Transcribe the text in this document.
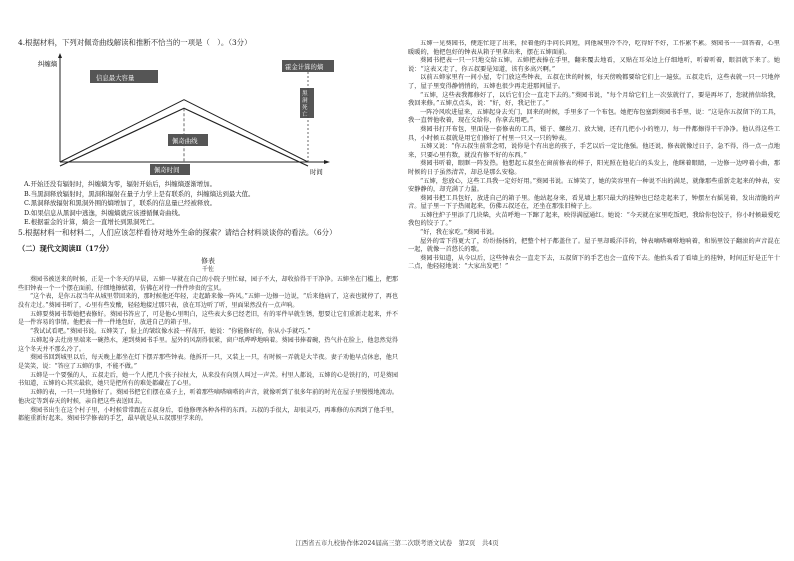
4.根据材料，下列对佩奇曲线解读和推断不恰当的一项是（　）。（3分）

纠缠熵
时间
信息最大容量
佩奇曲线
佩奇时间
霍金计算的熵
黑洞死亡

A.开始还没有辐射时，纠缠熵为零，辐射开始后，纠缠熵逐渐增加。

B.当黑洞释放辐射时，黑洞和辐射在量子力学上是有联系的，纠缠熵达到最大值。

C.黑洞释放辐射和黑洞外围的熵增加了，联系的信息量已经被释放。

D.如果信息从黑洞中逃逸，纠缠熵就应该遵循佩奇曲线。

E.根据霍金的计算，熵会一直增长到黑洞死亡。

5.根据材料一和材料二，人们应该怎样看待对地外生命的探索？请结合材料谈谈你的看法。（6分）

（二）现代文阅读Ⅱ（17分）

修表

千佐

葵园书被送来的时候，正是一个冬天的早晨，五婶一早就在自己的小院子里忙碌，园子不大，却收拾得干干净净。五婶坐在门槛上，把那些旧钟表一个一个摆在面前，仔细地擦拭着，仿佛在对待一件件珍贵的宝贝。

“这个表，是你五叔当年从城里带回来的，那时候他还年轻，走起路来像一阵风。”五婶一边擦一边说，“后来他病了，这表也就停了，再也没有走过。”葵园书听了，心里有些发酸，轻轻地接过那只表，放在耳边听了听，里面果然没有一点声响。

五婶要葵园书帮她把表修好。葵园书答应了，可是他心里明白，这些表大多已经老旧，有的零件早就生锈，想要让它们重新走起来，并不是一件容易的事情。他把表一件一件地包好，放进自己的箱子里。

“我试试看吧。”葵园书说。五婶笑了，脸上的皱纹像水波一样荡开，她说：“你能修好的，你从小手就巧。”

五婶起身去灶房里端来一碗热水，递到葵园书手里。屋外的风刮得很紧，窗户纸哗哗地响着。葵园书捧着碗，热气扑在脸上，他忽然觉得这个冬天并不那么冷了。

葵园书回到城里以后，每天晚上都坐在灯下摆弄那些钟表。他拆开一只，又装上一只，有时候一弄就是大半夜。妻子劝他早点休息，他只是笑笑，说：“答应了五婶的事，不能不做。”

五婶是一个要强的人，五叔走后，她一个人把几个孩子拉扯大，从来没有向别人叫过一声苦。村里人都说，五婶的心是铁打的，可是葵园书知道，五婶的心其实最软，她只是把所有的难处都藏在了心里。

五婶的表，一只一只地修好了。葵园书把它们摆在桌子上，听着那些嘀嗒嘀嗒的声音，就像听到了很多年前的时光在屋子里慢慢地流动。他决定等到春天的时候，亲自把这些表送回去。

葵园书出生在这个村子里，小时候常常跟在五叔身后，看他修理各种各样的东西。五叔的手很大，却很灵巧，再难修的东西到了他手里，都能重新好起来。葵园书学修表的手艺，最早就是从五叔那里学来的。

五婶一见葵园书，便连忙迎了出来，拉着他的手问长问短，问他城里冷不冷，吃得好不好，工作累不累。葵园书一一回答着，心里暖暖的，他把包好的钟表从箱子里拿出来，摆在五婶面前。

葵园书把表一只一只地交给五婶。五婶把表捧在手里，翻来覆去地看，又贴在耳朵边上仔细地听，听着听着，眼泪就下来了。她说：“这表又走了，你五叔要是知道，该有多高兴啊。”

以前五婶家里有一间小屋，专门放这些钟表，五叔在世的时候，每天傍晚都要给它们上一遍弦。五叔走后，这些表就一只一只地停了，屋子里变得静悄悄的，五婶也很少再走进那间屋子。

“五婶，这些表我都修好了，以后它们会一直走下去的。”葵园书说，“每个月给它们上一次弦就行了，要是再坏了，您就捎信给我，我回来修。”五婶点点头，说：“好，好，我记住了。”

一阵冷风吹进屋来，五婶起身去关门，回来的时候，手里多了一个布包。她把布包塞到葵园书手里，说：“这是你五叔留下的工具，我一直替他收着，现在交给你，你拿去用吧。”

葵园书打开布包，里面是一套修表的工具，镊子、螺丝刀、放大镜，还有几把小小的锉刀，每一件都擦得干干净净。他认得这些工具，小时候五叔就是用它们修好了村里一只又一只的钟表。

五婶又说：“你五叔生前常念叨，说你是个有出息的孩子，手艺以后一定比他强。他还说，修表就像过日子，急不得，得一点一点地来，只要心里有数，就没有修不好的东西。”

葵园书听着，眼眶一阵发热。他想起五叔坐在窗前修表的样子，阳光照在他花白的头发上，他眯着眼睛，一边修一边哼着小曲，那时候的日子虽然清苦，却总是那么安稳。

“五婶，您放心，这些工具我一定好好用。”葵园书说。五婶笑了，她的笑容里有一种说不出的满足，就像那些重新走起来的钟表，安安静静的，却充满了力量。

葵园书把工具包好，放进自己的箱子里。他站起身来，看见墙上那只最大的挂钟也已经走起来了，钟摆左右摇晃着，发出清脆的声音。屋子里一下子热闹起来，仿佛五叔还在，还坐在那张旧椅子上。

五婶往炉子里添了几块柴，火苗呼地一下蹿了起来，映得满屋通红。她说：“今天就在家里吃饭吧，我给你包饺子，你小时候最爱吃我包的饺子了。”

“好，我在家吃。”葵园书说。

屋外的雪下得更大了，纷纷扬扬的，把整个村子都盖住了。屋子里却暖洋洋的，钟表嘀嗒嘀嗒地响着，和锅里饺子翻滚的声音混在一起，就像一首悠长的歌。

葵园书知道，从今以后，这些钟表会一直走下去，五叔留下的手艺也会一直传下去。他抬头看了看墙上的挂钟，时间正好是正午十二点，他轻轻地说：“大家出发吧！”

江西省五市九校协作体2024届高三第二次联考语文试卷　第2页　共4页
